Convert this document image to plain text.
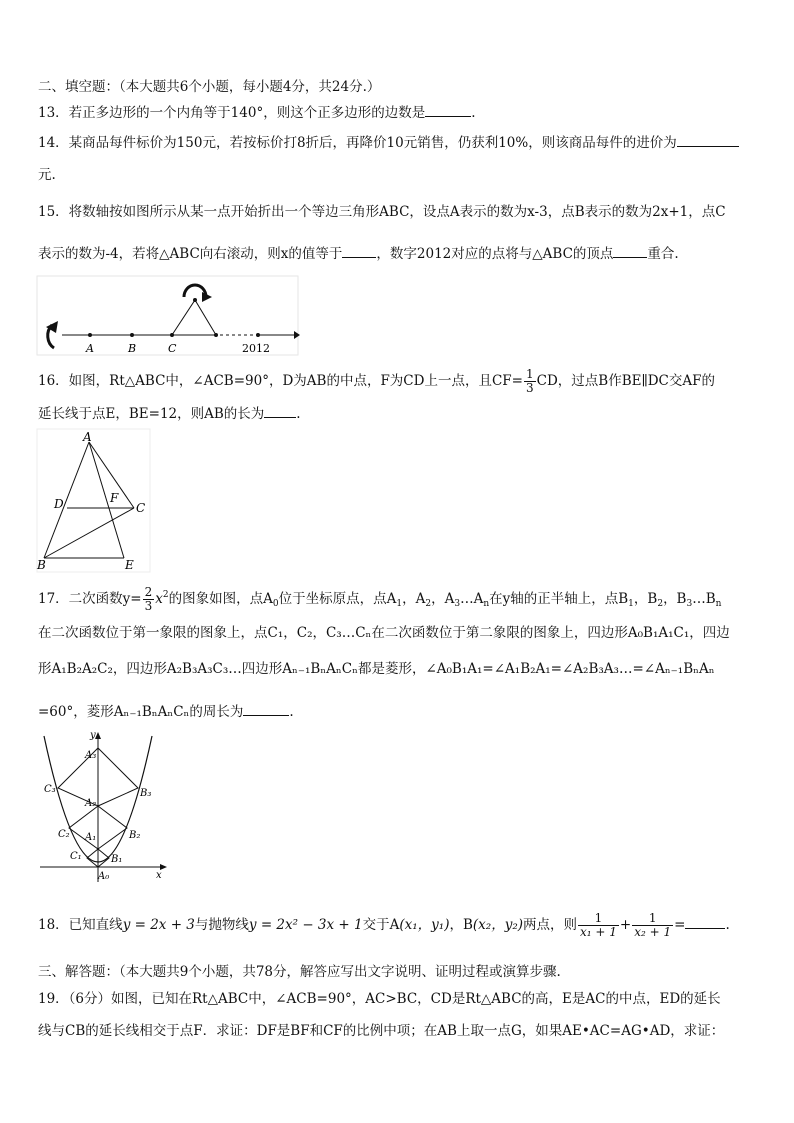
二、填空题：（本大题共6个小题，每小题4分，共24分.）
13．若正多边形的一个内角等于140°，则这个正多边形的边数是	.
14．某商品每件标价为150元，若按标价打8折后，再降价10元销售，仍获利10%，则该商品每件的进价为
元.
15．将数轴按如图所示从某一点开始折出一个等边三角形ABC，设点A表示的数为x-3，点B表示的数为2x+1，点C
表示的数为-4，若将△ABC向右滚动，则x的值等于	，数字2012对应的点将与△ABC的顶点	重合.
A	B	C	2012
16．如图，Rt△ABC中，∠ACB=90°，D为AB的中点，F为CD上一点，且$CF= \frac{1}{3}$ CD，过点B作BE∥DC交AF的
延长线于点E，BE=12，则AB的长为 .
A
D	F
C
B	E
17．二次函数$y= \frac{2}{3} x^2$的图象如图，点$A_0$位于坐标原点，点$A_1$，$A_2$，$A_3\dots A_n$在y轴的正半轴上，点$B_1$，$B_2$，$B_3\dots B_n$
在二次函数位于第一象限的图象上，点C₁，C₂，C₃…Cₙ在二次函数位于第二象限的图象上，四边形A₀B₁A₁C₁，四边
形A₁B₂A₂C₂，四边形A₂B₃A₃C₃…四边形Aₙ₋₁BₙAₙCₙ都是菱形，∠A₀B₁A₁=∠A₁B₂A₁=∠A₂B₃A₃…=∠Aₙ₋₁BₙAₙ
=60°，菱形Aₙ₋₁BₙAₙCₙ的周长为	.
y
x
A₃
C₃	B₃
A₂
C₂	B₂
A₁
C₁	B₁
A₀
18．已知直线y = 2x + 3与抛物线y = 2x² − 3x + 1交于A(x₁，y₁)，B(x₂，y₂)两点，则 $\frac{1}{\text{x₁ + 1}} + \frac{1}{\text{x₂ + 1}}$ =	.
三、解答题：（本大题共9个小题，共78分，解答应写出文字说明、证明过程或演算步骤.
19．（6分）如图，已知在Rt△ABC中，∠ACB=90°，AC>BC，CD是Rt△ABC的高，E是AC的中点，ED的延长
线与CB的延长线相交于点F．求证：DF是BF和CF的比例中项；在AB上取一点G，如果AE•AC=AG•AD，求证：
